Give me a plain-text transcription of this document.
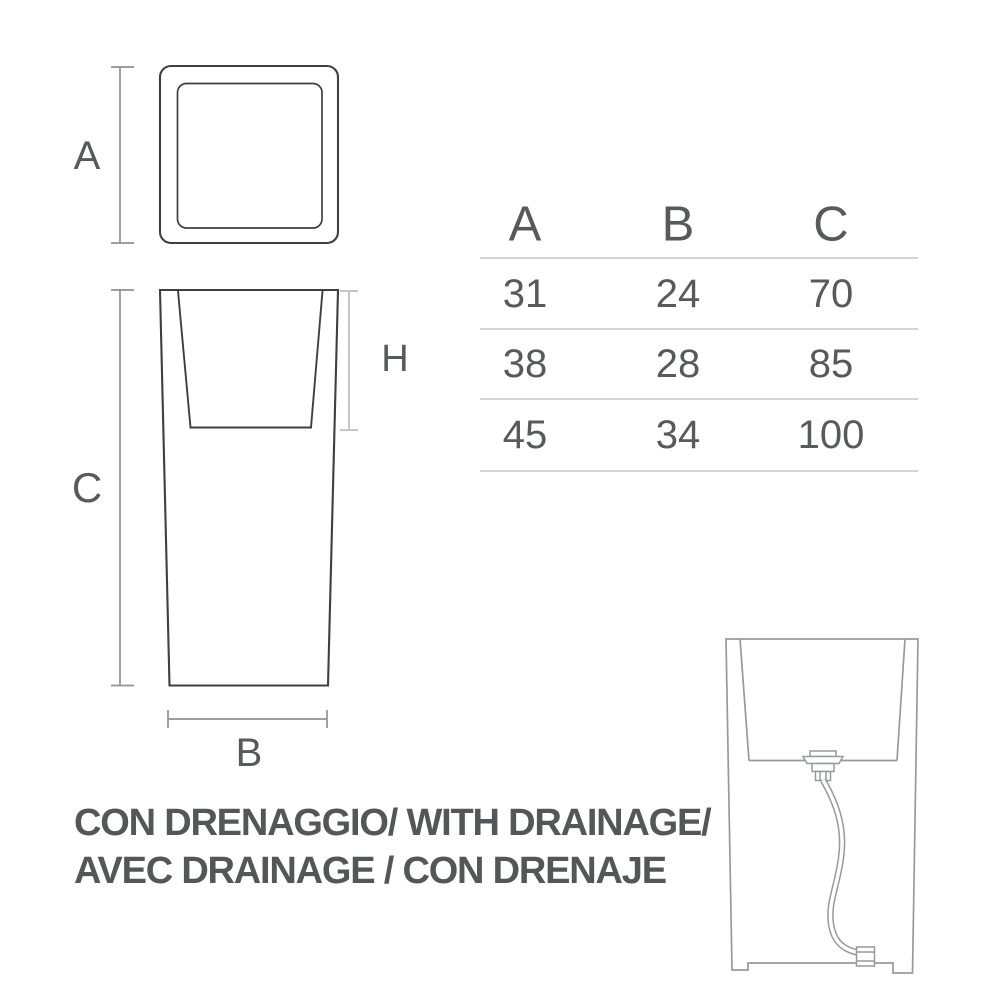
A
C
H
B
A B C
31	24	70
38	28	85
45	34 100
CON DRENAGGIO/ WITH DRAINAGE/
AVEC DRAINAGE / CON DRENAJE
